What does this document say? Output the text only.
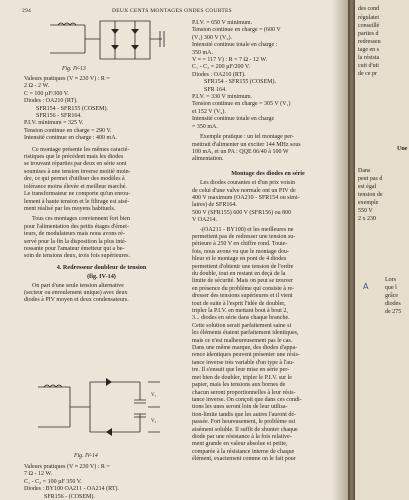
294	DEUX CENTS MONTAGES ONDES COURTES
Fig. IV-13
Valeurs pratiques (V ≈ 230 V) : R =
2 Ω - 2 W.
C = 100 µF/300 V.
Diodes : OA210 (RT).
SFR154 - SFR155 (COSEM).
SFR156 - SFR164.
P.I.V. minimum = 325 V.
Tension continue en charge = 290 V.
Intensité continue en charge : 400 mA.
Ce montage présente les mêmes caracté-
ristiques que le précédent mais les diodes
se trouvant réparties par deux en série sont
soumises à une tension inverse moitié moin-
dre, ce qui permet d'utiliser des modèles à
tolérance moins élevée et meilleur marché.
Le transformateur ne comporte qu'un enrou-
lement à haute tension et le filtrage est aisé-
ment réalisé par les moyens habituels.
Tous ces montages conviennent fort bien
pour l'alimentation des petits étages d'émet-
teurs, de modulateurs mais nous avons ré-
servé pour la fin la disposition la plus inté-
ressante pour l'amateur émetteur qui a be-
soin de tensions deux, trois fois supérieures.
4. Redresseur doubleur de tension
(fig. IV-14)
On part d'une seule tension alternative
(secteur ou enroulement unique) avec deux
diodes à PIV moyen et deux condensateurs.
V₁
V₂
Fig. IV-14
Valeurs pratiques (V ≈ 230 V) : R =
7 Ω - 12 W.
C₁ - C₂ = 100 µF 350 V.
Diodes : BY100 OA211 - OA214 (RT).
SFR156 - (COSEM).
P.I.V. = 650 V minimum.
Tension continue en charge = (600 V
(V₁) 300 V (V₂).
Intensité continue totale en charge :
350 mA.
V ≈ = 117 V) : R = 7 Ω - 12 W.
C₁ - C₂ = 200 µF/200 V.
Diodes : OA210 (RT).
SFR154 - SFR155 (COSEM).
SFR 164.
P.I.V. = 330 V minimum.
Tension continue en charge = 305 V (V₁)
et 152 V (V₂).
Intensité continue totale en charge
= 350 mA.
Exemple pratique : un tel montage per-
mettrait d'alimenter un exciter 144 MHz sous
100 mA, et un PA : QQE 06/40 à 100 W
alimentation.
Montage des diodes en série
Les diodes courantes et d'un prix voisin
de celui d'une valve normale ont un PIV de
400 V maximum (OA210 - SFR154 ou simi-
laires) de SFR164.
500 V (SFR155) 600 V (SFR156) ou 800
V OA214.
-(OA211 - BY100) et les meilleures ne
permettent pas de redresser une tension su-
périeure à 250 V en chiffre rond. Toute-
fois, nous avons vu que le montage dou-
bleur et le montage en pont de 4 diodes
permettent d'obtenir une tension de l'ordre
du double, tout en restant en deçà de la
limite de sécurité. Mais on peut se trouver
en présence du problème qui consiste à re-
dresser des tensions supérieures et il vient
tout de suite à l'esprit l'idée de doubler,
tripler la P.I.V. en mettant bout à bout 2,
3... diodes en série dans chaque branche.
Cette solution serait parfaitement saine si
les éléments étaient parfaitement identiques,
mais ce n'est malheureusement pas le cas.
Dans une même marque, des diodes d'appa-
rence identiques peuvent présenter une résis-
tance inverse très variable d'un type à l'au-
tre. Il s'ensuit que leur mise en série per-
met bien de doubler, tripler le P.I.V. sur le
papier, mais les tensions aux bornes de
chacun seront proportionnelles à leur résis-
tance inverse. On conçoit que dans ces condi-
tions les unes seront loin de leur utilisa-
tion-limite tandis que les autres l'auront dé-
passée. Fort heureusement, le problème est
aisément soluble. Il suffit de shunter chaque
diode par une résistance à la fois relative-
ment grande en valeur absolue et petite,
comparée à la résistance interne de chaque
élément, exactement comme on le fait pour
des cond
régulatet
conseillé
parties d
redresseu
tage en s
la résista
cuit d'uti
de ce pr
Une
Dans
peut pas d
est égal
tension de
exemple
550 V
2 x 230
Lors
que l
grâce
diodes
de 275
A
